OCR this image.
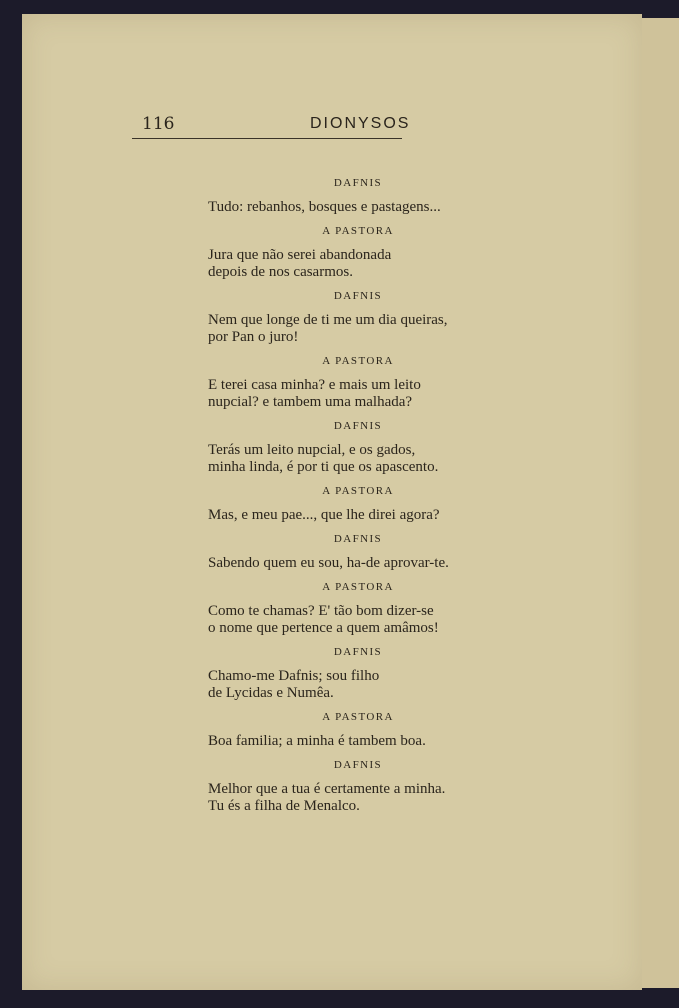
116	DIONYSOS

DAFNIS

Tudo: rebanhos, bosques e pastagens...

A PASTORA

Jura que não serei abandonada
depois de nos casarmos.

DAFNIS

Nem que longe de ti me um dia queiras,
por Pan o juro!

A PASTORA

E terei casa minha? e mais um leito
nupcial? e tambem uma malhada?

DAFNIS

Terás um leito nupcial, e os gados,
minha linda, é por ti que os apascento.

A PASTORA

Mas, e meu pae..., que lhe direi agora?

DAFNIS

Sabendo quem eu sou, ha-de aprovar-te.

A PASTORA

Como te chamas? E' tão bom dizer-se
o nome que pertence a quem amâmos!

DAFNIS

Chamo-me Dafnis; sou filho
de Lycidas e Numêa.

A PASTORA

Boa familia; a minha é tambem boa.

DAFNIS

Melhor que a tua é certamente a minha.
Tu és a filha de Menalco.
